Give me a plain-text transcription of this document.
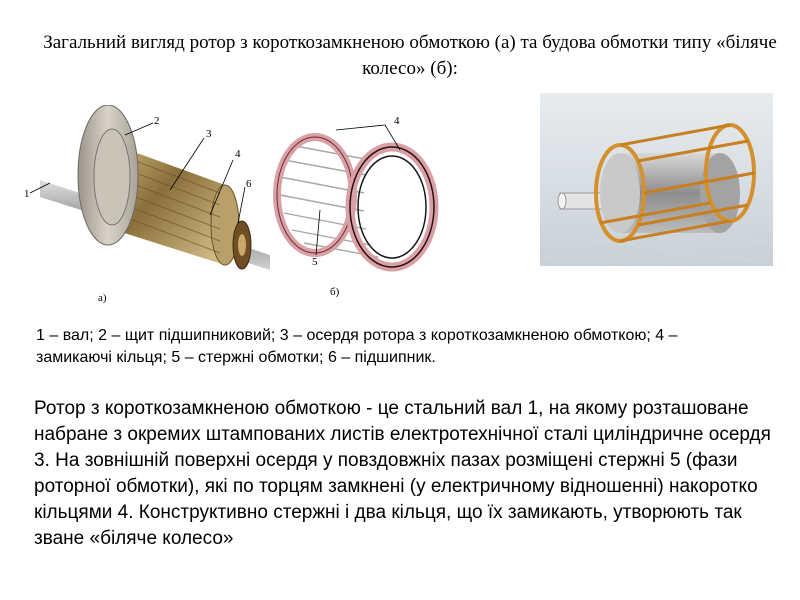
Загальний вигляд ротор з короткозамкненою обмоткою (а) та будова обмотки типу «біляче колесо» (б):
1
2
3
4
6
а)
4
5
б)
1 – вал; 2 – щит підшипниковий; 3 – осердя ротора з короткозамкненою обмоткою; 4 – замикаючі кільця; 5 – стержні обмотки; 6 – підшипник.
Ротор з короткозамкненою обмоткою - це стальний вал 1, на якому розташоване набране з окремих штампованих листів електротехнічної сталі циліндричне осердя 3. На зовнішній поверхні осердя у повздовжніх пазах розміщені стержні 5 (фази роторної обмотки), які по торцям замкнені (у електричному відношенні) накоротко кільцями 4. Конструктивно стержні і два кільця, що їх замикають, утворюють так зване «біляче колесо»
